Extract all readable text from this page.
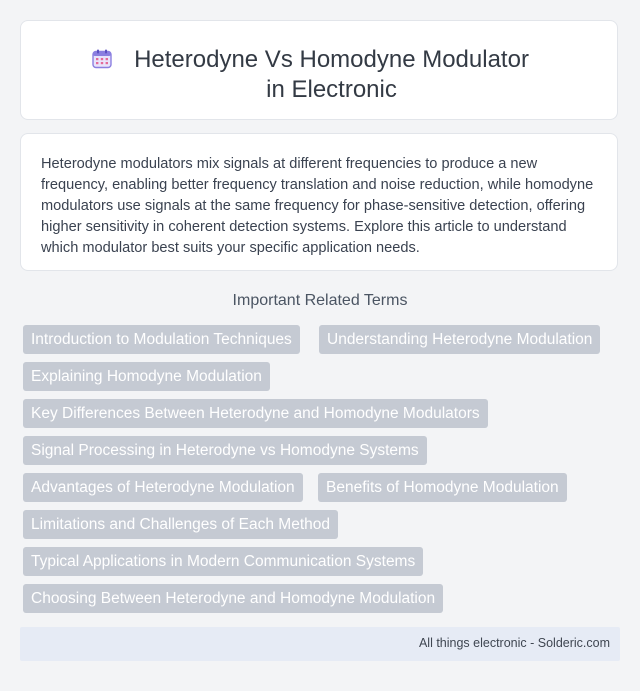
Heterodyne Vs Homodyne Modulator in Electronic

Heterodyne modulators mix signals at different frequencies to produce a new frequency, enabling better frequency translation and noise reduction, while homodyne modulators use signals at the same frequency for phase-sensitive detection, offering higher sensitivity in coherent detection systems. Explore this article to understand which modulator best suits your specific application needs.

Important Related Terms
Introduction to Modulation Techniques	Understanding Heterodyne Modulation
Explaining Homodyne Modulation
Key Differences Between Heterodyne and Homodyne Modulators
Signal Processing in Heterodyne vs Homodyne Systems
Advantages of Heterodyne Modulation	Benefits of Homodyne Modulation
Limitations and Challenges of Each Method
Typical Applications in Modern Communication Systems
Choosing Between Heterodyne and Homodyne Modulation
All things electronic - Solderic.com
